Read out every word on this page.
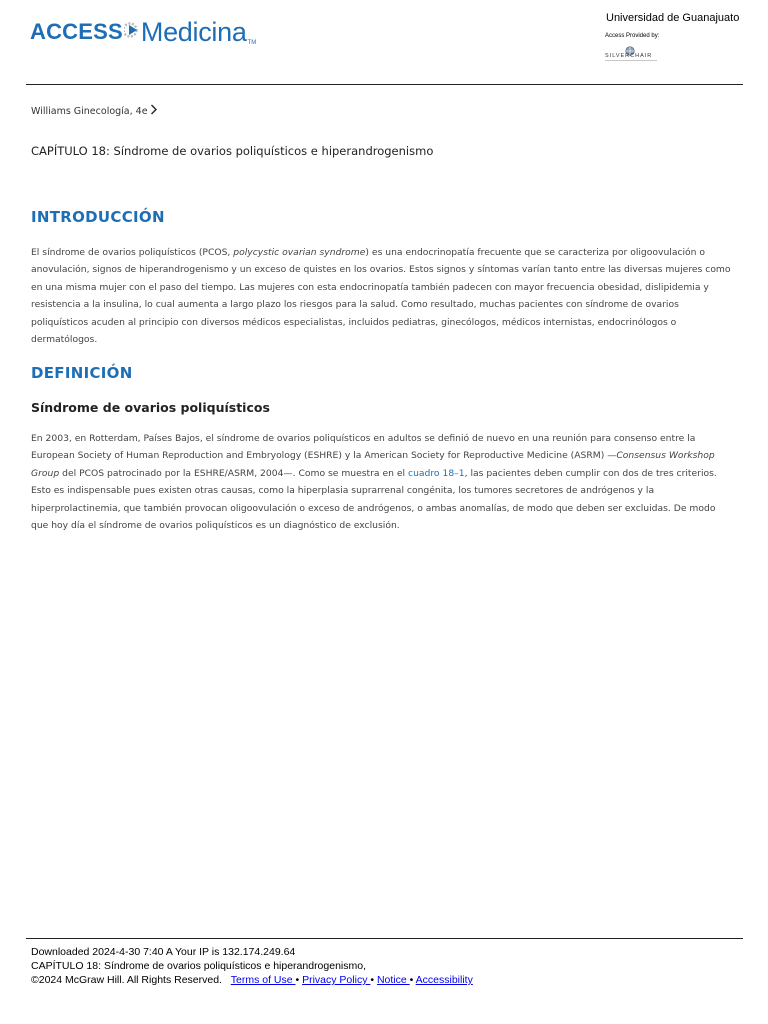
ACCESS Medicina TM
Universidad de Guanajuato
Access Provided by:
SILVERCHAIR
Williams Ginecología, 4e
CAPÍTULO 18: Síndrome de ovarios poliquísticos e hiperandrogenismo
INTRODUCCIÓN
El síndrome de ovarios poliquísticos (PCOS, polycystic ovarian syndrome) es una endocrinopatía frecuente que se caracteriza por oligoovulación o
anovulación, signos de hiperandrogenismo y un exceso de quistes en los ovarios. Estos signos y síntomas varían tanto entre las diversas mujeres como
en una misma mujer con el paso del tiempo. Las mujeres con esta endocrinopatía también padecen con mayor frecuencia obesidad, dislipidemia y
resistencia a la insulina, lo cual aumenta a largo plazo los riesgos para la salud. Como resultado, muchas pacientes con síndrome de ovarios
poliquísticos acuden al principio con diversos médicos especialistas, incluidos pediatras, ginecólogos, médicos internistas, endocrinólogos o
dermatólogos.
DEFINICIÓN
Síndrome de ovarios poliquísticos
En 2003, en Rotterdam, Países Bajos, el síndrome de ovarios poliquísticos en adultos se definió de nuevo en una reunión para consenso entre la
European Society of Human Reproduction and Embryology (ESHRE) y la American Society for Reproductive Medicine (ASRM) —Consensus Workshop
Group del PCOS patrocinado por la ESHRE/ASRM, 2004—. Como se muestra en el cuadro 18–1, las pacientes deben cumplir con dos de tres criterios.
Esto es indispensable pues existen otras causas, como la hiperplasia suprarrenal congénita, los tumores secretores de andrógenos y la
hiperprolactinemia, que también provocan oligoovulación o exceso de andrógenos, o ambas anomalías, de modo que deben ser excluidas. De modo
que hoy día el síndrome de ovarios poliquísticos es un diagnóstico de exclusión.
Downloaded 2024-4-30 7:40 A Your IP is 132.174.249.64
CAPÍTULO 18: Síndrome de ovarios poliquísticos e hiperandrogenismo,
©2024 McGraw Hill. All Rights Reserved. Terms of Use • Privacy Policy • Notice • Accessibility
